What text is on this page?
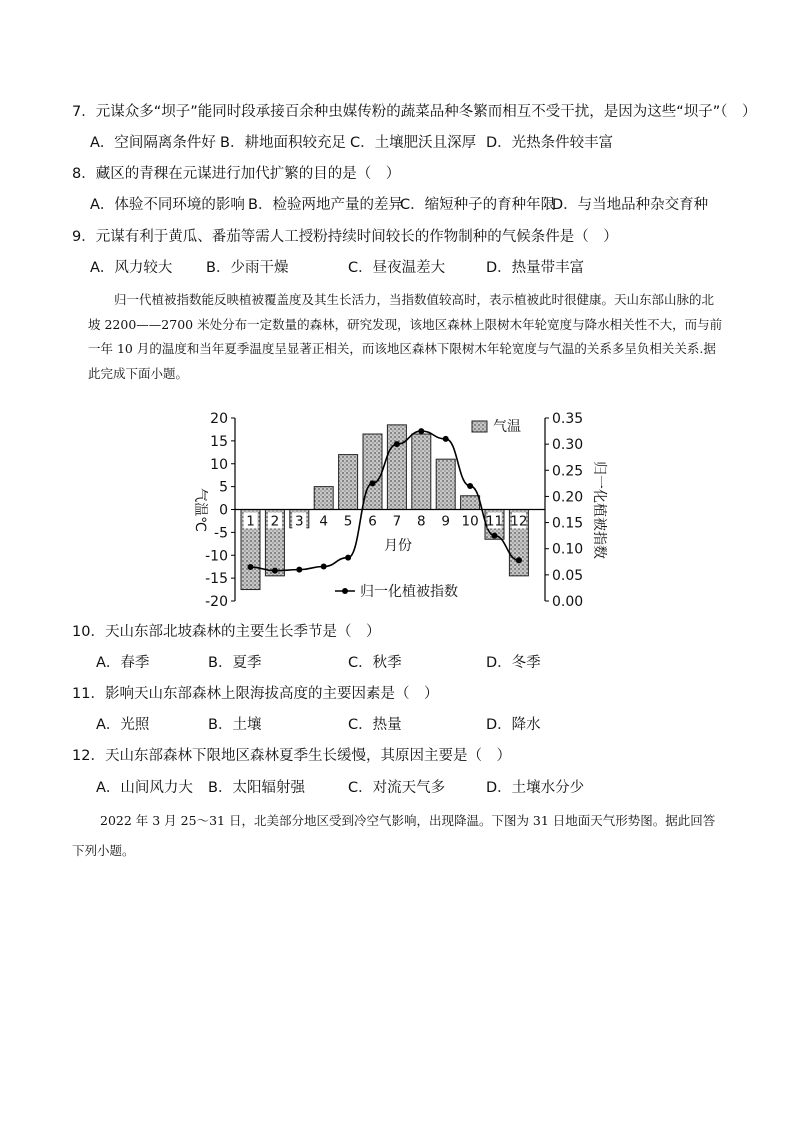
7．元谋众多“坝子”能同时段承接百余种虫媒传粉的蔬菜品种冬繁而相互不受干扰，是因为这些“坝子”（　）
A．空间隔离条件好 B．耕地面积较充足 C．土壤肥沃且深厚 D．光热条件较丰富
8．藏区的青稞在元谋进行加代扩繁的目的是（　）
A．体验不同环境的影响 B．检验两地产量的差异
C．缩短种子的育种年限
D．与当地品种杂交育种
9．元谋有利于黄瓜、番茄等需人工授粉持续时间较长的作物制种的气候条件是（　）
A．风力较大 B．少雨干燥	C．昼夜温差大	D．热量带丰富

归一代植被指数能反映植被覆盖度及其生长活力，当指数值较高时，表示植被此时很健康。天山东部山脉的北坡 2200——2700 米处分布一定数量的森林，研究发现，该地区森林上限树木年轮宽度与降水相关性不大，而与前一年 10 月的温度和当年夏季温度呈显著正相关，而该地区森林下限树木年轮宽度与气温的关系多呈负相关关系.据此完成下面小题。

20
15
10
5
0
-5
-10
-15
-20
0.35
0.30
0.25
0.20
0.15
0.10
0.05
0.00
1 2 3 4 5 6 7 8 9 10 11 12
月份
气温℃	归一化植被指数
气温
归一化植被指数
10．天山东部北坡森林的主要生长季节是（　）
A．春季	B．夏季	C．秋季	D．冬季
11．影响天山东部森林上限海拔高度的主要因素是（　）
A．光照	B．土壤	C．热量	D．降水
12．天山东部森林下限地区森林夏季生长缓慢，其原因主要是（　）
A．山间风力大 B．太阳辐射强	C．对流天气多	D．土壤水分少

2022 年 3 月 25～31 日，北美部分地区受到冷空气影响，出现降温。下图为 31 日地面天气形势图。据此回答下列小题。
